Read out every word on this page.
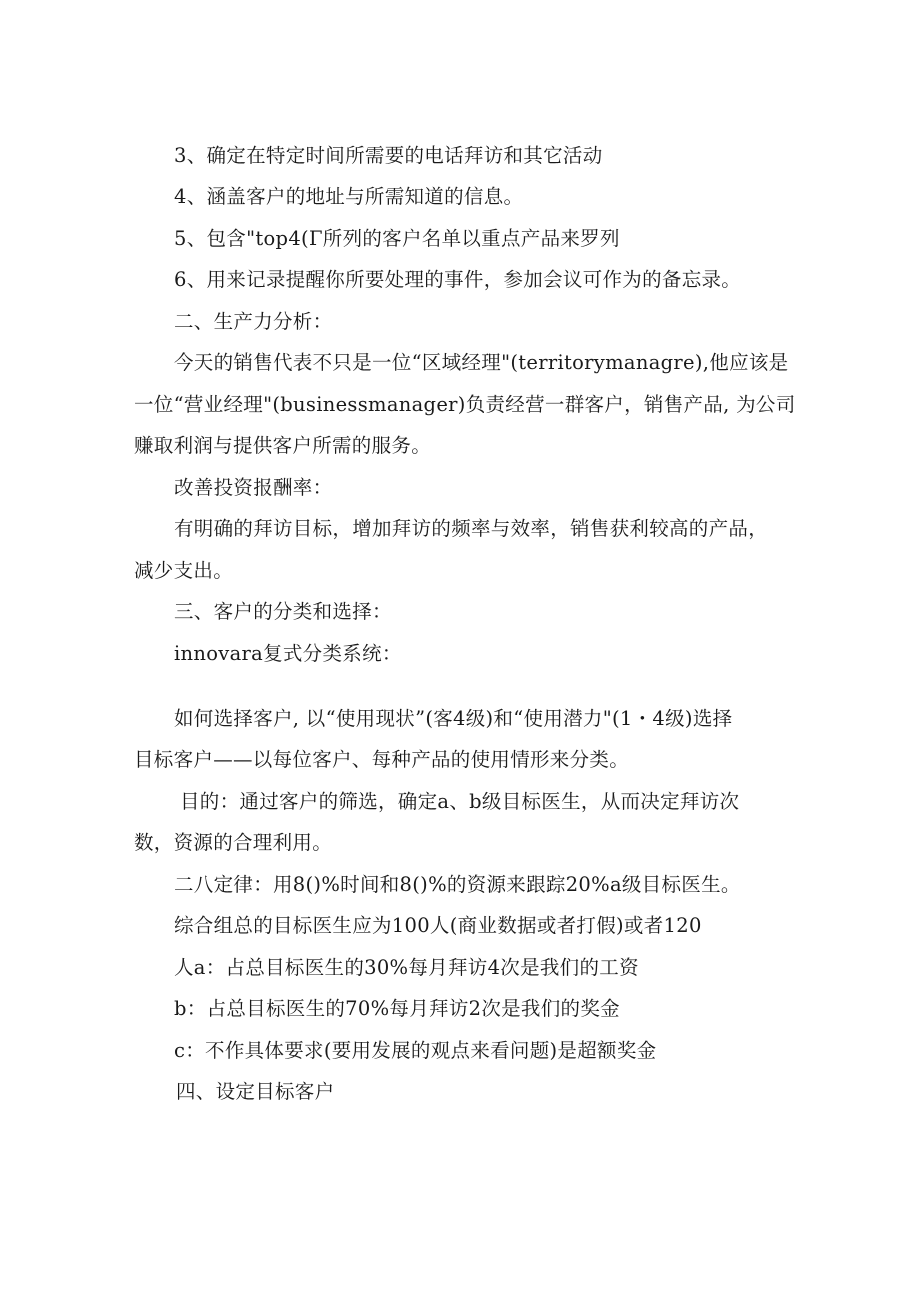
3、确定在特定时间所需要的电话拜访和其它活动
4、涵盖客户的地址与所需知道的信息。
5、包含"top4(Γ所列的客户名单以重点产品来罗列
6、用来记录提醒你所要处理的事件，参加会议可作为的备忘录。
二、生产力分析：
今天的销售代表不只是一位“区域经理"(territorymanagre),他应该是
一位“营业经理"(businessmanager)负责经营一群客户，销售产品, 为公司
赚取利润与提供客户所需的服务。
改善投资报酬率：
有明确的拜访目标，增加拜访的频率与效率，销售获利较高的产品，
减少支出。
三、客户的分类和选择：
innovara复式分类系统：
如何选择客户, 以“使用现状”(客4级)和“使用潜力"(1・4级)选择
目标客户——以每位客户、每种产品的使用情形来分类。
目的：通过客户的筛选，确定a、b级目标医生，从而决定拜访次
数，资源的合理利用。
二八定律：用8()%时间和8()%的资源来跟踪20%a级目标医生。
综合组总的目标医生应为100人(商业数据或者打假)或者120
人a：占总目标医生的30%每月拜访4次是我们的工资
b：占总目标医生的70%每月拜访2次是我们的奖金
c：不作具体要求(要用发展的观点来看问题)是超额奖金
四、设定目标客户
